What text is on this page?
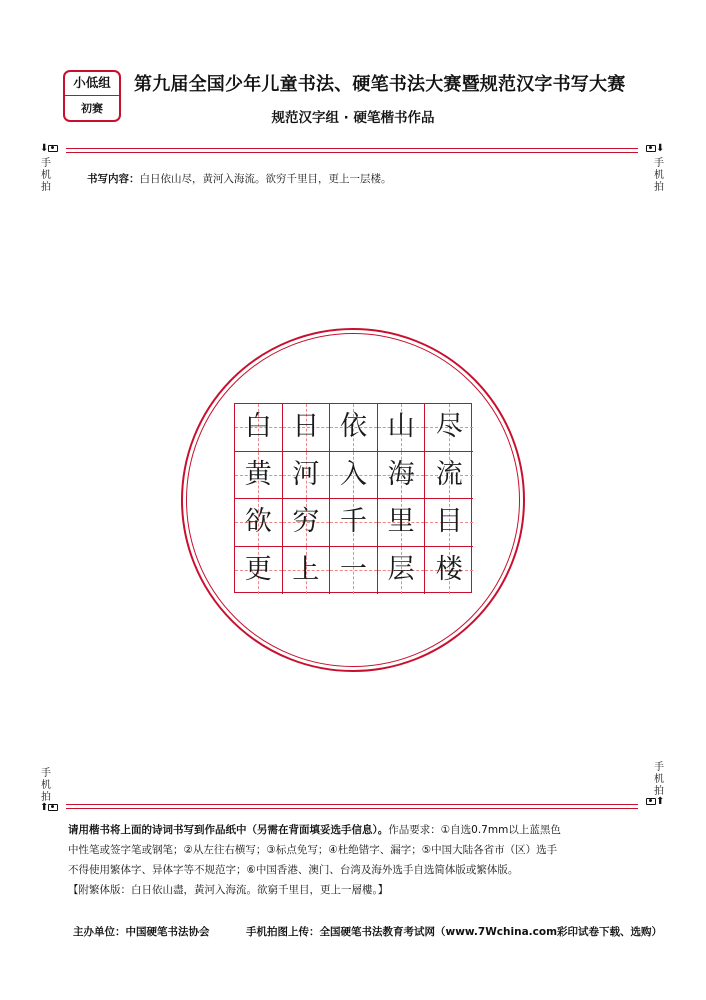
小低组
初赛
第九届全国少年儿童书法、硬笔书法大赛暨规范汉字书写大赛
规范汉字组 · 硬笔楷书作品
⬇
手机拍
⬇
手机拍
书写内容：白日依山尽，黄河入海流。欲穷千里目，更上一层楼。
白 日 依 山 尽
黄 河 入 海 流
欲 穷 千 里 目
更 上 一 层 楼
手机拍
⬆
手机拍
⬆
请用楷书将上面的诗词书写到作品纸中（另需在背面填妥选手信息）。作品要求：①自选0.7mm以上蓝黑色
中性笔或签字笔或钢笔；②从左往右横写；③标点免写；④杜绝错字、漏字；⑤中国大陆各省市（区）选手
不得使用繁体字、异体字等不规范字；⑥中国香港、澳门、台湾及海外选手自选简体版或繁体版。
【附繁体版：白日依山盡，黃河入海流。欲窮千里目，更上一層樓。】
主办单位：中国硬笔书法协会	手机拍图上传：全国硬笔书法教育考试网（www.7Wchina.com彩印试卷下载、选购）
